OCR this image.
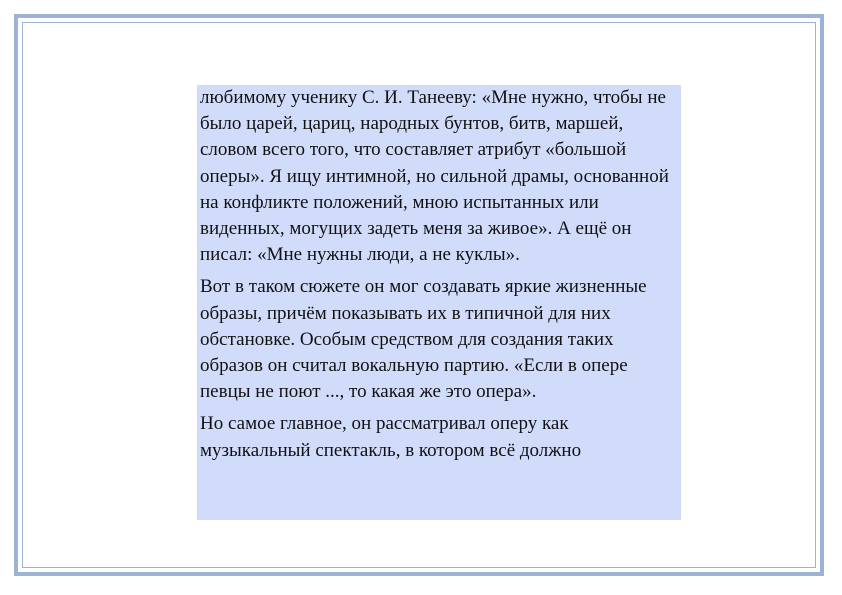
любимому ученику С. И. Танееву: «Мне нужно, чтобы не было царей, цариц, народных бунтов, битв, маршей, словом всего того, что составляет атрибут «большой оперы». Я ищу интимной, но сильной драмы, основанной на конфликте положений, мною испытанных или виденных, могущих задеть меня за живое». А ещё он писал: «Мне нужны люди, а не куклы».

Вот в таком сюжете он мог создавать яркие жизненные образы, причём показывать их в типичной для них обстановке. Особым средством для создания таких образов он считал вокальную партию. «Если в опере певцы не поют ..., то какая же это опера».

Но самое главное, он рассматривал оперу как музыкальный спектакль, в котором всё должно
